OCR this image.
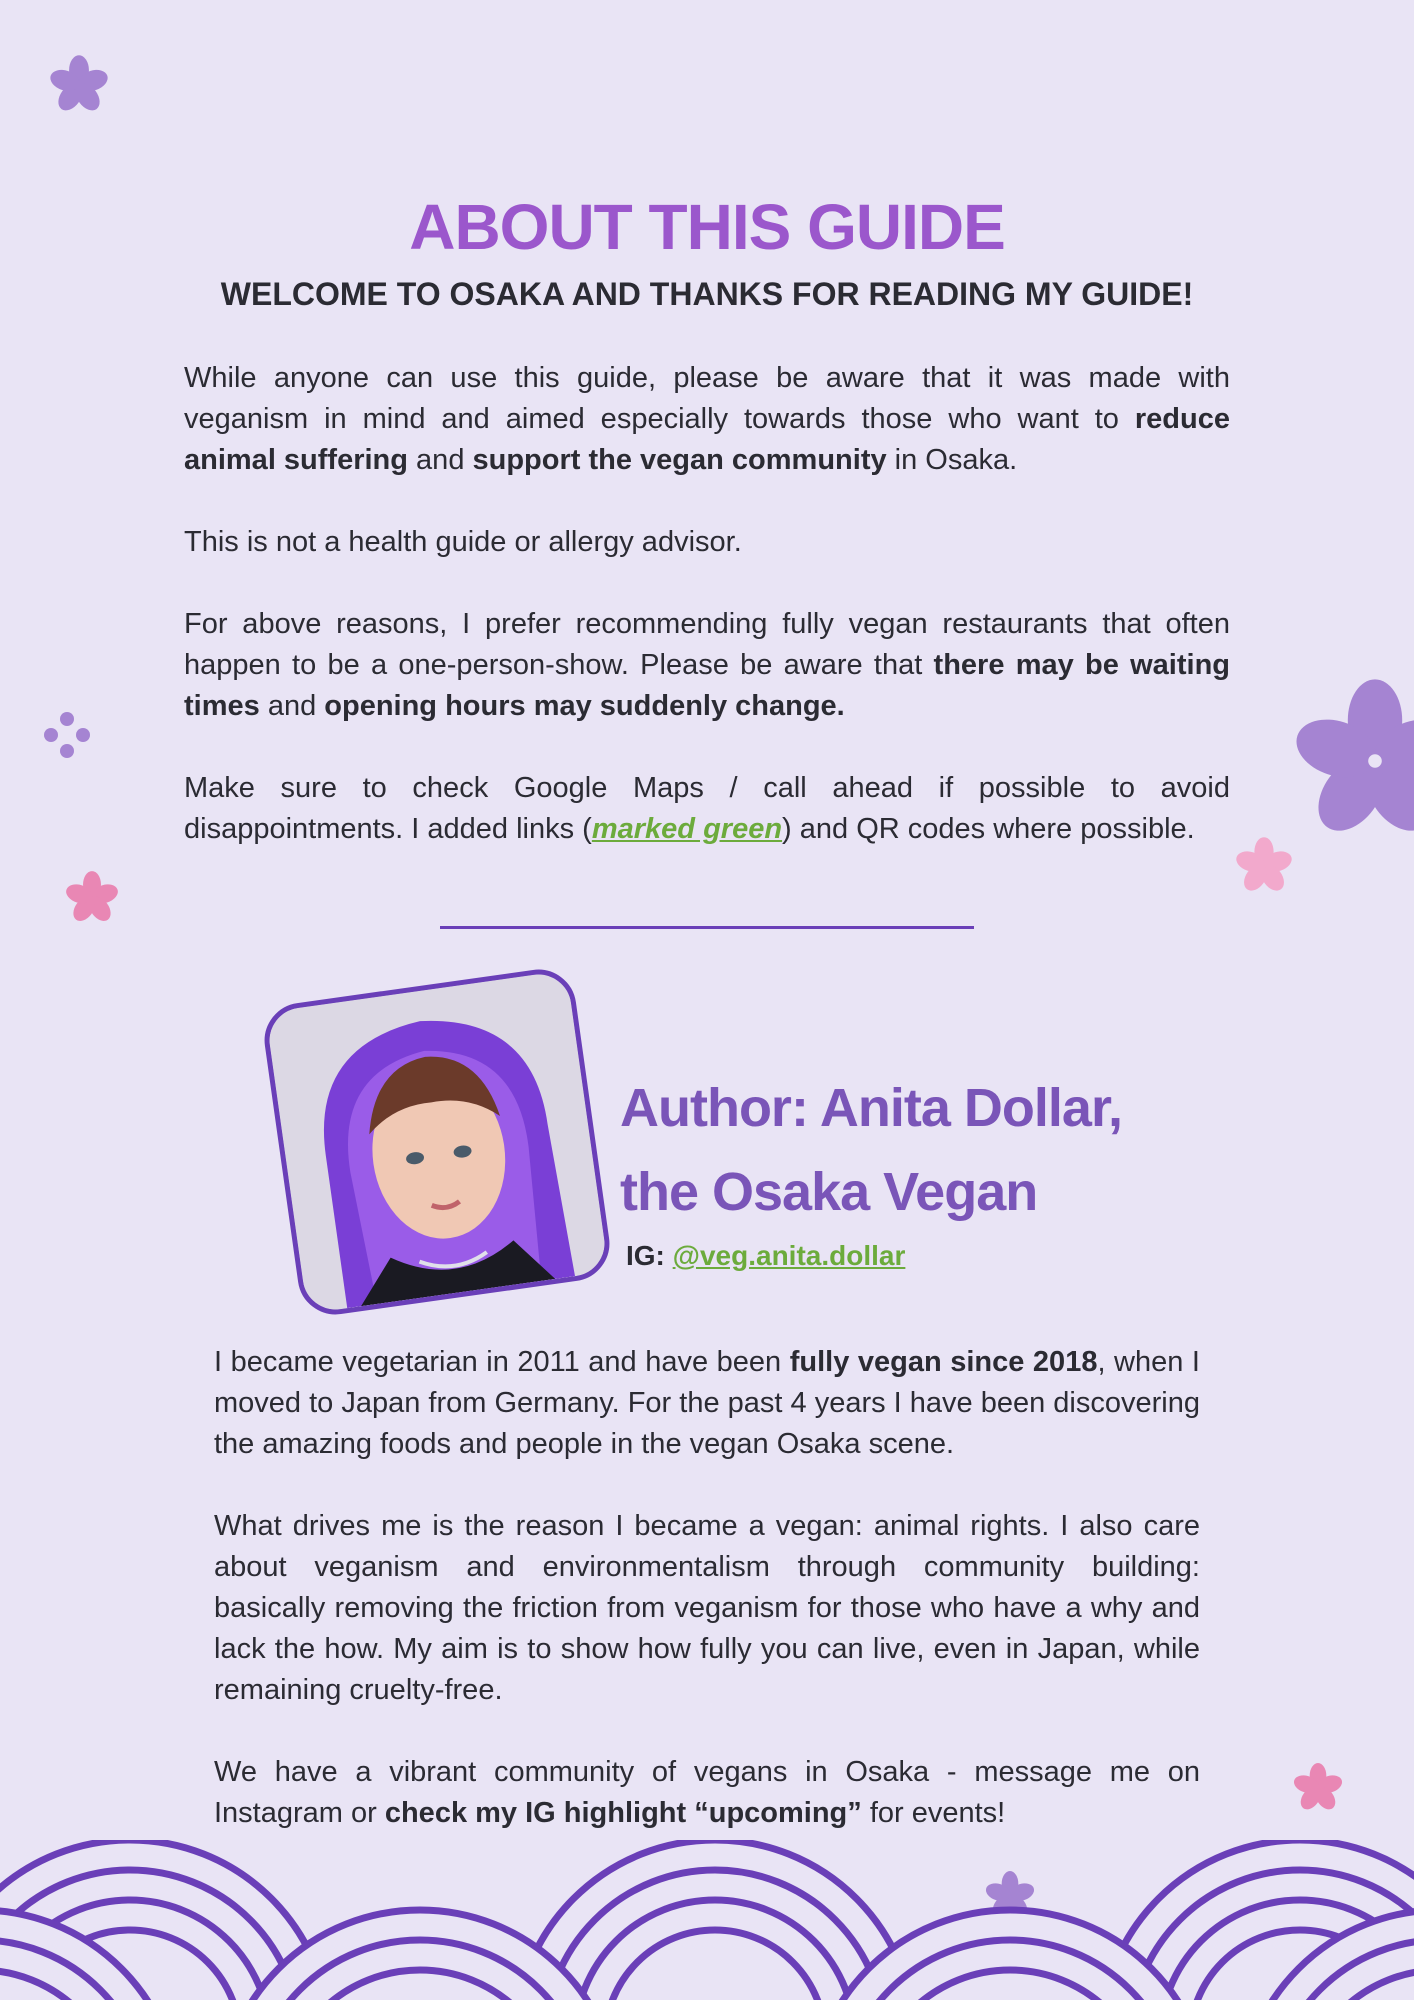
ABOUT THIS GUIDE
WELCOME TO OSAKA AND THANKS FOR READING MY GUIDE!

While anyone can use this guide, please be aware that it was made with veganism in mind and aimed especially towards those who want to reduce animal suffering and support the vegan community in Osaka.

This is not a health guide or allergy advisor.

For above reasons, I prefer recommending fully vegan restaurants that often happen to be a one-person-show. Please be aware that there may be waiting times and opening hours may suddenly change.

Make sure to check Google Maps / call ahead if possible to avoid disappointments. I added links (marked green) and QR codes where possible.

Author: Anita Dollar,
the Osaka Vegan
IG: @veg.anita.dollar

I became vegetarian in 2011 and have been fully vegan since 2018, when I moved to Japan from Germany. For the past 4 years I have been discovering the amazing foods and people in the vegan Osaka scene.

What drives me is the reason I became a vegan: animal rights. I also care about veganism and environmentalism through community building: basically removing the friction from veganism for those who have a why and lack the how. My aim is to show how fully you can live, even in Japan, while remaining cruelty-free.

We have a vibrant community of vegans in Osaka - message me on Instagram or check my IG highlight “upcoming” for events!
